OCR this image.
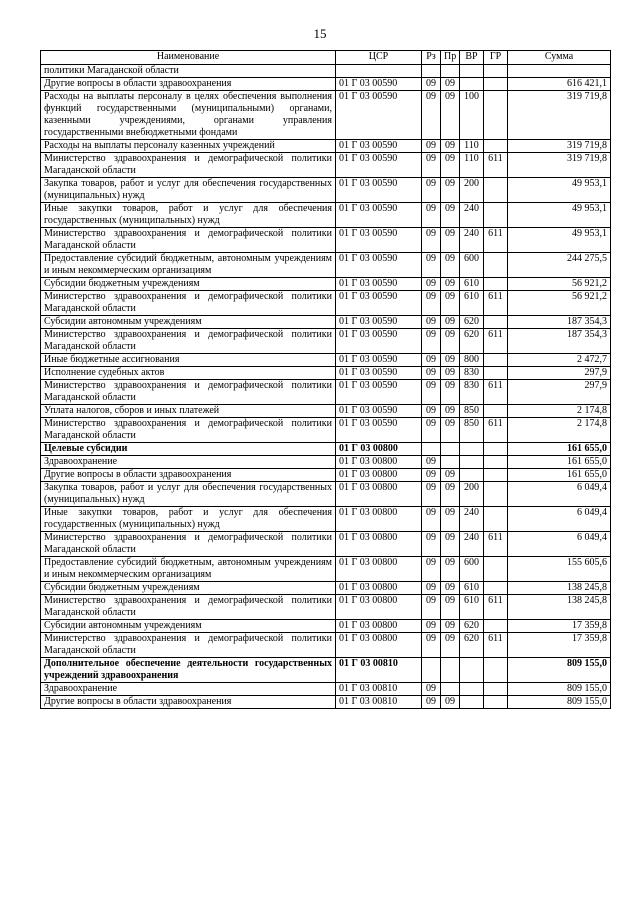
15
Наименование	ЦСР	Рз	Пр	ВР	ГР	Сумма
политики Магаданской области						
Другие вопросы в области здравоохранения	01 Г 03 00590	09	09			616 421,1
Расходы на выплаты персоналу в целях обеспечения выполнения функций государственными (муниципальными) органами, казенными учреждениями, органами управления государственными внебюджетными фондами	01 Г 03 00590	09	09	100		319 719,8
Расходы на выплаты персоналу казенных учреждений	01 Г 03 00590	09	09	110		319 719,8
Министерство здравоохранения и демографической политики Магаданской области	01 Г 03 00590	09	09	110	611	319 719,8
Закупка товаров, работ и услуг для обеспечения государственных (муниципальных) нужд	01 Г 03 00590	09	09	200		49 953,1
Иные закупки товаров, работ и услуг для обеспечения государственных (муниципальных) нужд	01 Г 03 00590	09	09	240		49 953,1
Министерство здравоохранения и демографической политики Магаданской области	01 Г 03 00590	09	09	240	611	49 953,1
Предоставление субсидий бюджетным, автономным учреждениям и иным некоммерческим организациям	01 Г 03 00590	09	09	600		244 275,5
Субсидии бюджетным учреждениям	01 Г 03 00590	09	09	610		56 921,2
Министерство здравоохранения и демографической политики Магаданской области	01 Г 03 00590	09	09	610	611	56 921,2
Субсидии автономным учреждениям	01 Г 03 00590	09	09	620		187 354,3
Министерство здравоохранения и демографической политики Магаданской области	01 Г 03 00590	09	09	620	611	187 354,3
Иные бюджетные ассигнования	01 Г 03 00590	09	09	800		2 472,7
Исполнение судебных актов	01 Г 03 00590	09	09	830		297,9
Министерство здравоохранения и демографической политики Магаданской области	01 Г 03 00590	09	09	830	611	297,9
Уплата налогов, сборов и иных платежей	01 Г 03 00590	09	09	850		2 174,8
Министерство здравоохранения и демографической политики Магаданской области	01 Г 03 00590	09	09	850	611	2 174,8
Целевые субсидии	01 Г 03 00800					161 655,0
Здравоохранение	01 Г 03 00800	09				161 655,0
Другие вопросы в области здравоохранения	01 Г 03 00800	09	09			161 655,0
Закупка товаров, работ и услуг для обеспечения государственных (муниципальных) нужд	01 Г 03 00800	09	09	200		6 049,4
Иные закупки товаров, работ и услуг для обеспечения государственных (муниципальных) нужд	01 Г 03 00800	09	09	240		6 049,4
Министерство здравоохранения и демографической политики Магаданской области	01 Г 03 00800	09	09	240	611	6 049,4
Предоставление субсидий бюджетным, автономным учреждениям и иным некоммерческим организациям	01 Г 03 00800	09	09	600		155 605,6
Субсидии бюджетным учреждениям	01 Г 03 00800	09	09	610		138 245,8
Министерство здравоохранения и демографической политики Магаданской области	01 Г 03 00800	09	09	610	611	138 245,8
Субсидии автономным учреждениям	01 Г 03 00800	09	09	620		17 359,8
Министерство здравоохранения и демографической политики Магаданской области	01 Г 03 00800	09	09	620	611	17 359,8
Дополнительное обеспечение деятельности государственных учреждений здравоохранения	01 Г 03 00810					809 155,0
Здравоохранение	01 Г 03 00810	09				809 155,0
Другие вопросы в области здравоохранения	01 Г 03 00810	09	09			809 155,0
